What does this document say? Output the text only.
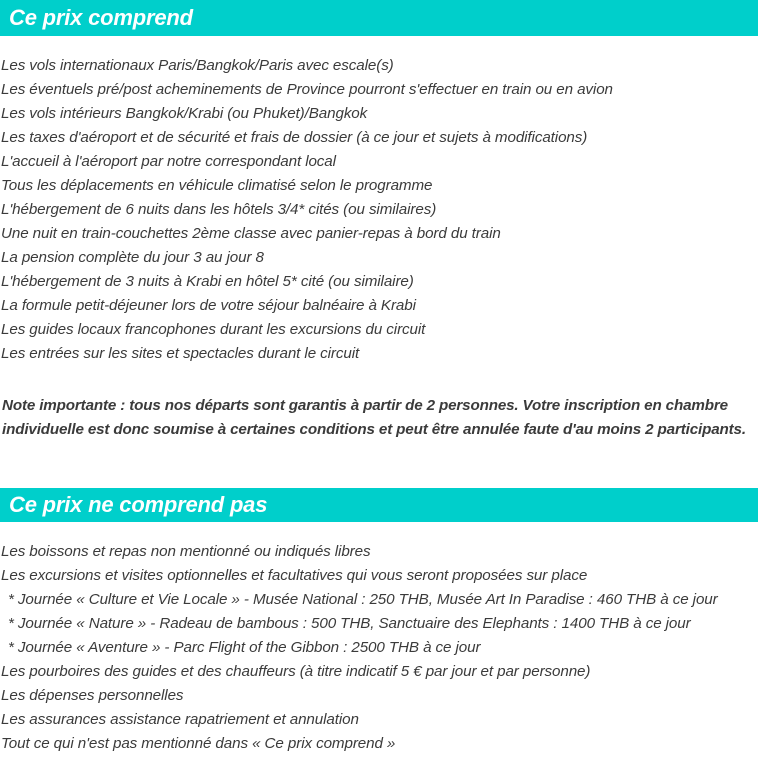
Ce prix comprend
Les vols internationaux Paris/Bangkok/Paris avec escale(s)
Les éventuels pré/post acheminements de Province pourront s'effectuer en train ou en avion
Les vols intérieurs Bangkok/Krabi (ou Phuket)/Bangkok
Les taxes d'aéroport et de sécurité et frais de dossier (à ce jour et sujets à modifications)
L'accueil à l'aéroport par notre correspondant local
Tous les déplacements en véhicule climatisé selon le programme
L'hébergement de 6 nuits dans les hôtels 3/4* cités (ou similaires)
Une nuit en train-couchettes 2ème classe avec panier-repas à bord du train
La pension complète du jour 3 au jour 8
L'hébergement de 3 nuits à Krabi en hôtel 5* cité (ou similaire)
La formule petit-déjeuner lors de votre séjour balnéaire à Krabi
Les guides locaux francophones durant les excursions du circuit
Les entrées sur les sites et spectacles durant le circuit
Note importante : tous nos départs sont garantis à partir de 2 personnes. Votre inscription en chambre
individuelle est donc soumise à certaines conditions et peut être annulée faute d'au moins 2 participants.
Ce prix ne comprend pas
Les boissons et repas non mentionné ou indiqués libres
Les excursions et visites optionnelles et facultatives qui vous seront proposées sur place
* Journée « Culture et Vie Locale » - Musée National : 250 THB, Musée Art In Paradise : 460 THB à ce jour
* Journée « Nature » - Radeau de bambous : 500 THB, Sanctuaire des Elephants : 1400 THB à ce jour
* Journée « Aventure » - Parc Flight of the Gibbon : 2500 THB à ce jour
Les pourboires des guides et des chauffeurs (à titre indicatif 5 € par jour et par personne)
Les dépenses personnelles
Les assurances assistance rapatriement et annulation
Tout ce qui n'est pas mentionné dans « Ce prix comprend »
